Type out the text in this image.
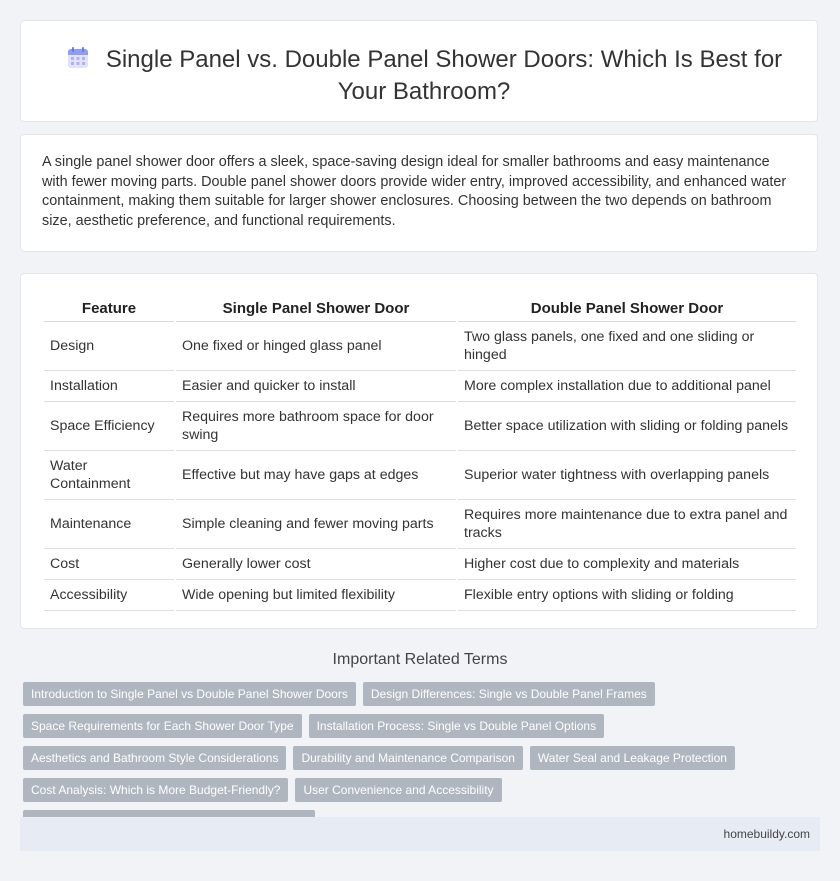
Single Panel vs. Double Panel Shower Doors: Which Is Best for Your Bathroom?

A single panel shower door offers a sleek, space-saving design ideal for smaller bathrooms and easy maintenance with fewer moving parts. Double panel shower doors provide wider entry, improved accessibility, and enhanced water containment, making them suitable for larger shower enclosures. Choosing between the two depends on bathroom size, aesthetic preference, and functional requirements.

Feature	Single Panel Shower Door	Double Panel Shower Door
Design	One fixed or hinged glass panel	Two glass panels, one fixed and one sliding or hinged
Installation	Easier and quicker to install	More complex installation due to additional panel
Space Efficiency	Requires more bathroom space for door swing	Better space utilization with sliding or folding panels
Water Containment	Effective but may have gaps at edges	Superior water tightness with overlapping panels
Maintenance	Simple cleaning and fewer moving parts	Requires more maintenance due to extra panel and tracks
Cost	Generally lower cost	Higher cost due to complexity and materials
Accessibility	Wide opening but limited flexibility	Flexible entry options with sliding or folding
Important Related Terms
Introduction to Single Panel vs Double Panel Shower Doors Design Differences: Single vs Double Panel Frames
Space Requirements for Each Shower Door Type Installation Process: Single vs Double Panel Options
Aesthetics and Bathroom Style Considerations Durability and Maintenance Comparison Water Seal and Leakage Protection
Cost Analysis: Which is More Budget-Friendly? User Convenience and Accessibility
homebuildy.com
